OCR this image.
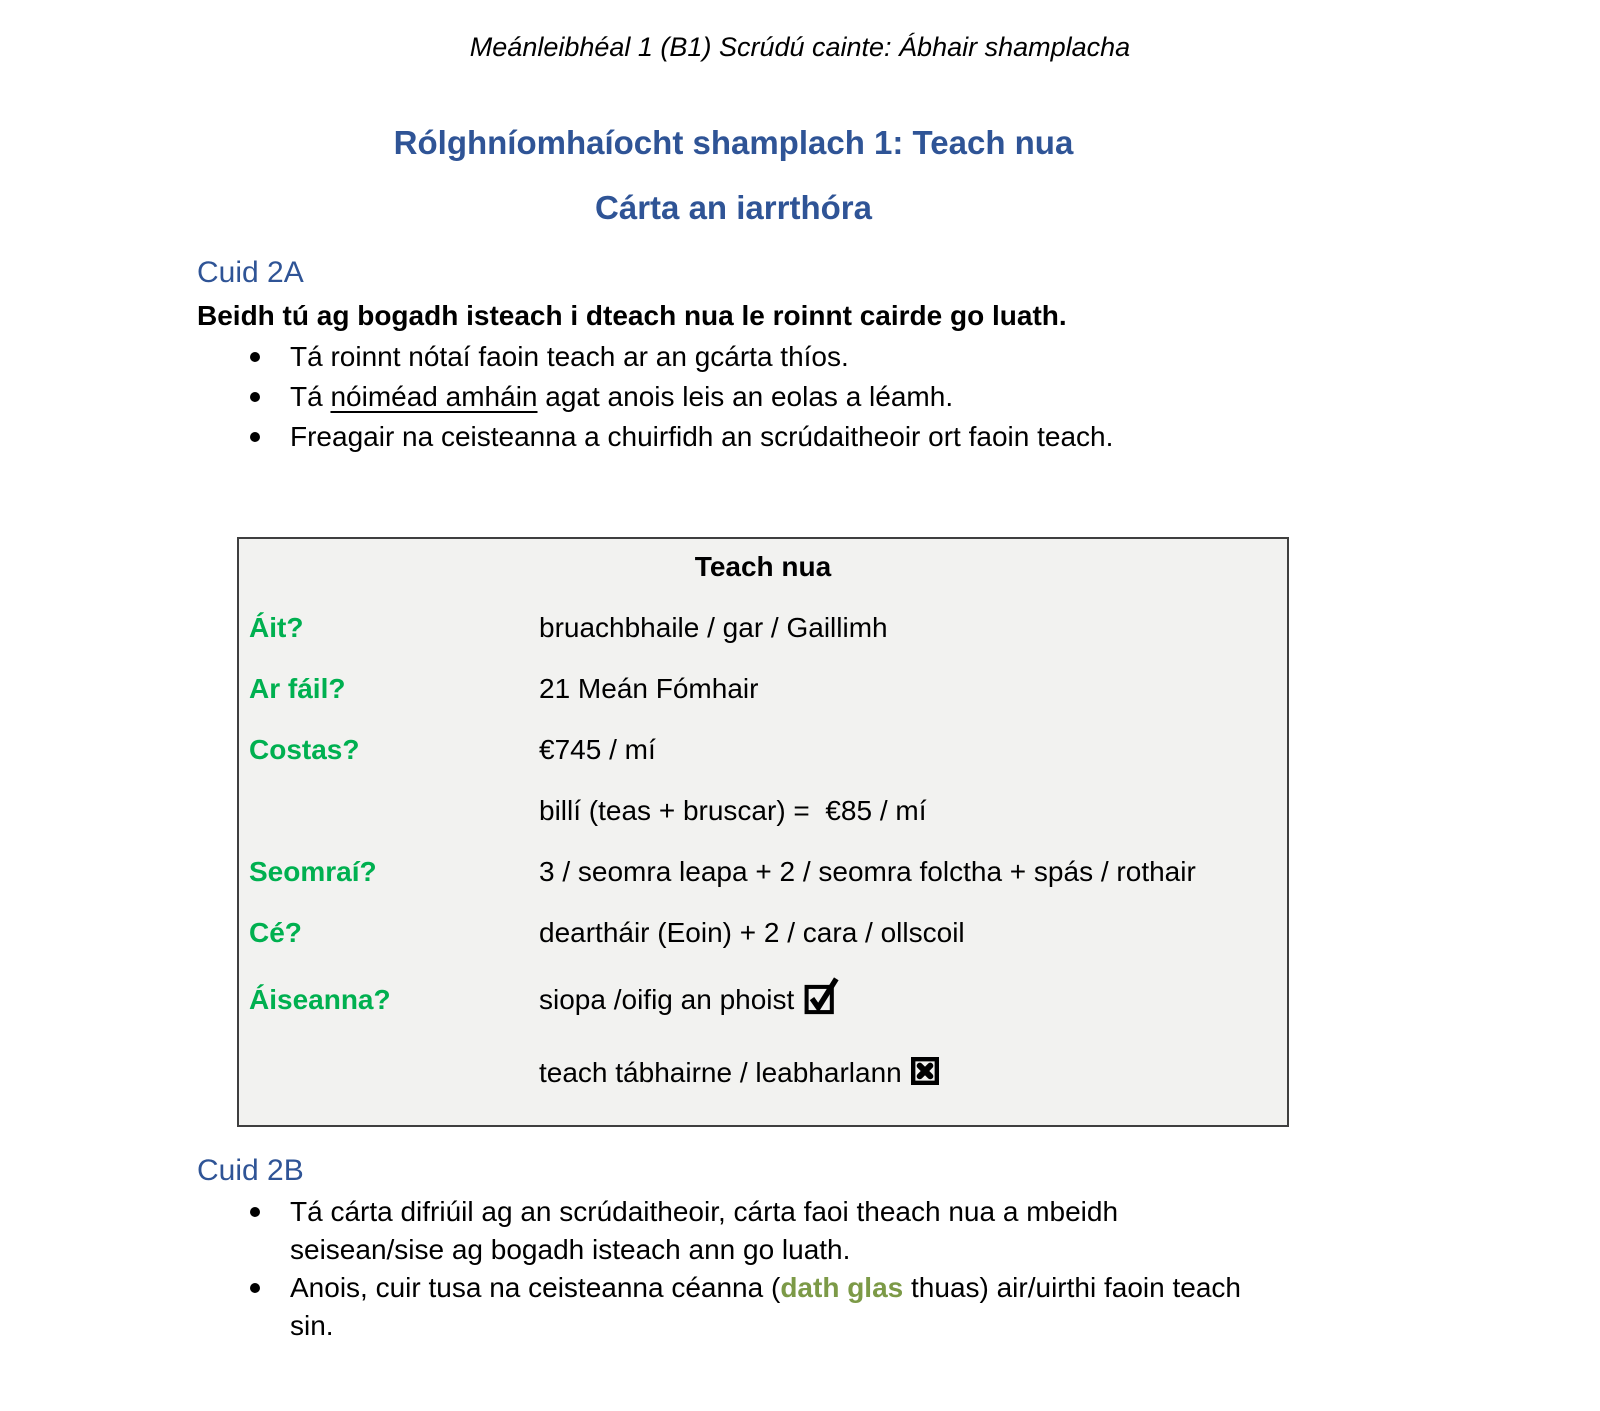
Meánleibhéal 1 (B1) Scrúdú cainte: Ábhair shamplacha
Rólghníomhaíocht shamplach 1: Teach nua
Cárta an iarrthóra
Cuid 2A

Beidh tú ag bogadh isteach i dteach nua le roinnt cairde go luath.

Tá roinnt nótaí faoin teach ar an gcárta thíos.
Tá nóiméad amháin agat anois leis an eolas a léamh.
Freagair na ceisteanna a chuirfidh an scrúdaitheoir ort faoin teach.
Teach nua
Áit?	bruachbhaile / gar / Gaillimh
Ar fáil?	21 Meán Fómhair
Costas?	€745 / mí
billí (teas + bruscar) =  €85 / mí
Seomraí?	3 / seomra leapa + 2 / seomra folctha + spás / rothair
Cé?	deartháir (Eoin) + 2 / cara / ollscoil
Áiseanna?	siopa /oifig an phoist
teach tábhairne / leabharlann
Cuid 2B
Tá cárta difriúil ag an scrúdaitheoir, cárta faoi theach nua a mbeidh seisean/sise ag bogadh isteach ann go luath.
Anois, cuir tusa na ceisteanna céanna (dath glas thuas) air/uirthi faoin teach sin.
